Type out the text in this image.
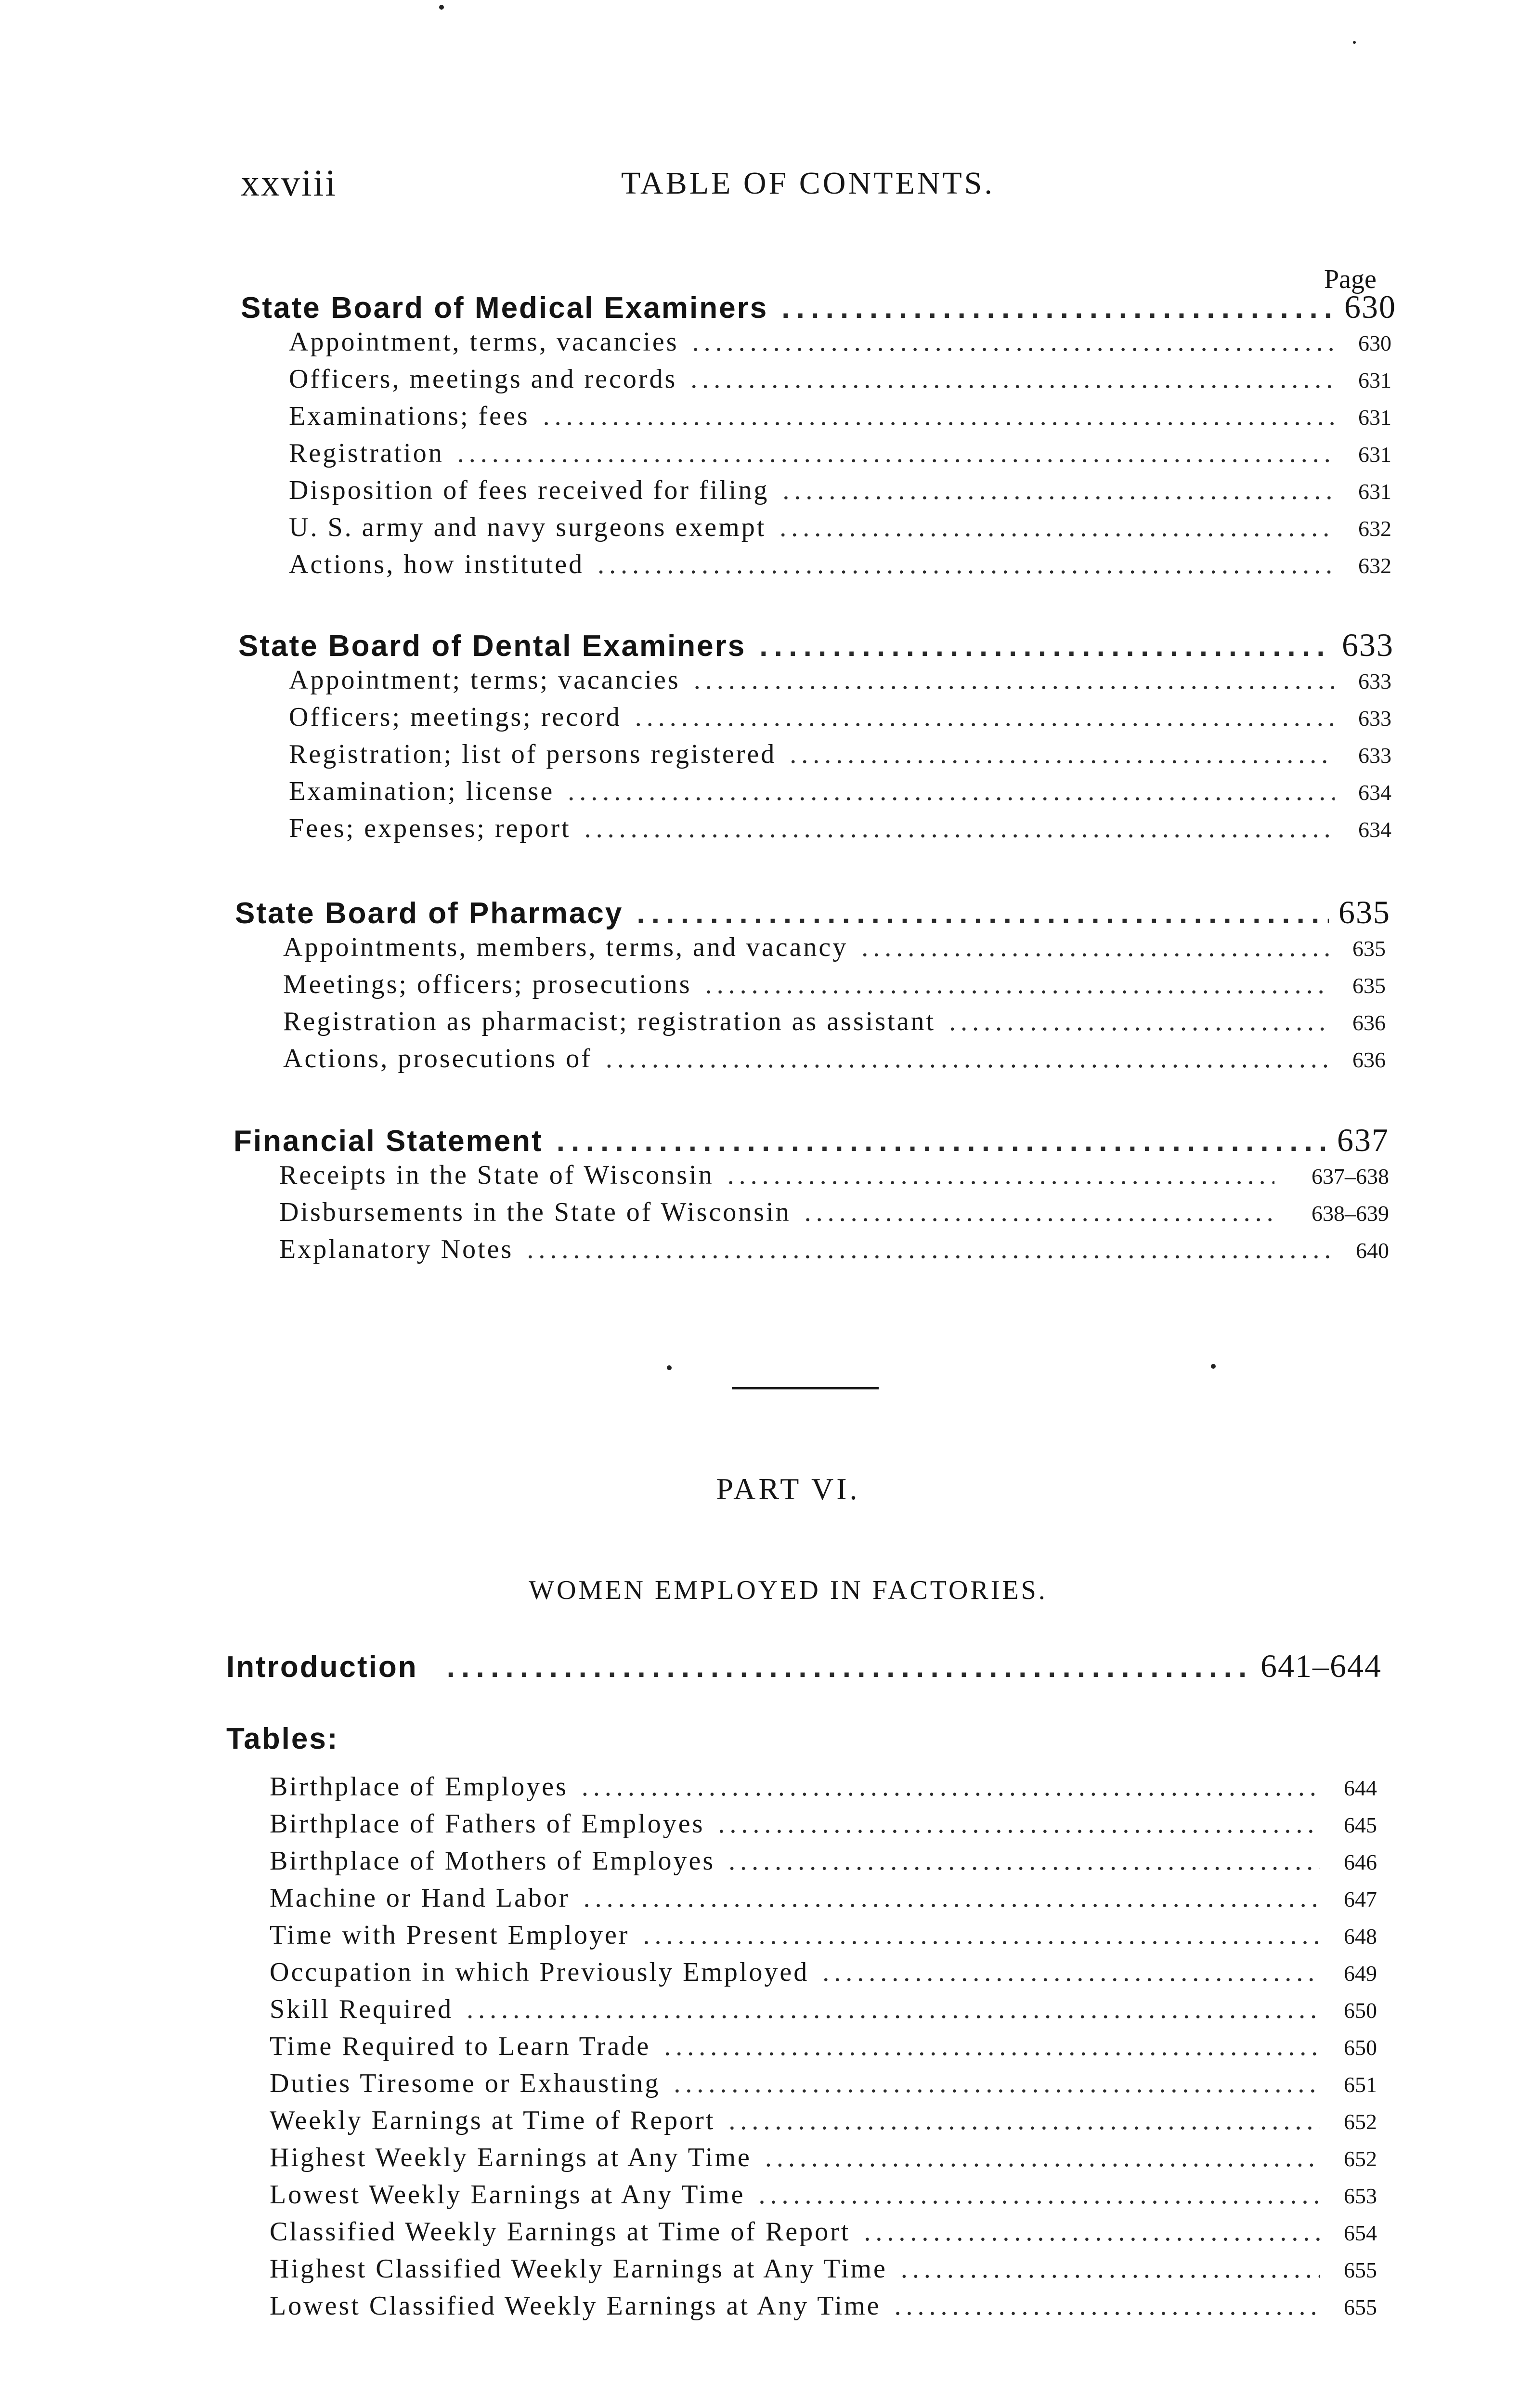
xxviii	TABLE OF CONTENTS.
Page
State Board of Medical Examiners . . .	630
Appointment, terms, vacancies . . .	630
Officers, meetings and records . . .	631
Examinations; fees . . .	631
Registration . . .	631
Disposition of fees received for filing . . .	631
U. S. army and navy surgeons exempt . . .	632
Actions, how instituted . . .	632
State Board of Dental Examiners . . .	633
Appointment; terms; vacancies . . .	633
Officers; meetings; record . . .	633
Registration; list of persons registered . . .	633
Examination; license . . .	634
Fees; expenses; report . . .	634
State Board of Pharmacy . . .	635
Appointments, members, terms, and vacancy . . .	635
Meetings; officers; prosecutions . . .	635
Registration as pharmacist; registration as assistant . . .	636
Actions, prosecutions of . . .	636
Financial Statement . . .	637
Receipts in the State of Wisconsin . . .	637–638
Disbursements in the State of Wisconsin . . .	638–639
Explanatory Notes . . .	640
PART VI.
WOMEN EMPLOYED IN FACTORIES.
Introduction . . .	641–644
Tables:
Birthplace of Employes . . .	644
Birthplace of Fathers of Employes . . .	645
Birthplace of Mothers of Employes . . .	646
Machine or Hand Labor . . .	647
Time with Present Employer . . .	648
Occupation in which Previously Employed . . .	649
Skill Required . . .	650
Time Required to Learn Trade . . .	650
Duties Tiresome or Exhausting . . .	651
Weekly Earnings at Time of Report . . .	652
Highest Weekly Earnings at Any Time . . .	652
Lowest Weekly Earnings at Any Time . . .	653
Classified Weekly Earnings at Time of Report . . .	654
Highest Classified Weekly Earnings at Any Time . . .	655
Lowest Classified Weekly Earnings at Any Time . . .	655
